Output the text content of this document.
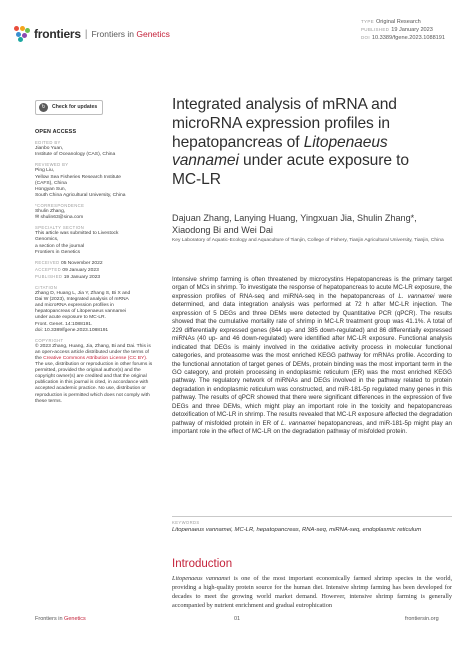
frontiers | Frontiers in Genetics
TYPE Original Research
PUBLISHED 19 January 2023
DOI 10.3389/fgene.2023.1088191
↻	Check for updates
OPEN ACCESS
EDITED BY
Jianbo Yuan,
Institute of Oceanology (CAS), China
REVIEWED BY
Ping Liu,
Yellow Sea Fisheries Research Institute
(CAFS), China
Hongyan Sun,
South China Agricultural University, China
*CORRESPONDENCE
Shulin Zhang,
✉ shulin63@sina.com
SPECIALTY SECTION
This article was submitted to Livestock
Genomics,
a section of the journal
Frontiers in Genetics
RECEIVED 05 November 2022
ACCEPTED 09 January 2023
PUBLISHED 19 January 2023
CITATION
Zhang D, Huang L, Jia Y, Zhang S, Bi X and
Dai W (2023), Integrated analysis of mRNA
and microRNA expression profiles in
hepatopancreas of Litopenaeus vannamei
under acute exposure to MC-LR.
Front. Genet. 14:1088191.
doi: 10.3389/fgene.2023.1088191
COPYRIGHT
© 2023 Zhang, Huang, Jia, Zhang, Bi and Dai. This is an open-access article distributed under the terms of the Creative Commons Attribution License (CC BY). The use, distribution or reproduction in other forums is permitted, provided the original author(s) and the copyright owner(s) are credited and that the original publication in this journal is cited, in accordance with accepted academic practice. No use, distribution or reproduction is permitted which does not comply with these terms.
Integrated analysis of mRNA and
microRNA expression profiles in
hepatopancreas of Litopenaeus
vannamei under acute exposure to
MC-LR
Dajuan Zhang, Lanying Huang, Yingxuan Jia, Shulin Zhang*,
Xiaodong Bi and Wei Dai
Key Laboratory of Aquatic-Ecology and Aquaculture of Tianjin, College of Fishery, Tianjin Agricultural University, Tianjin, China
Intensive shrimp farming is often threatened by microcystins Hepatopancreas is the primary target organ of MCs in shrimp. To investigate the response of hepatopancreas to acute MC-LR exposure, the expression profiles of RNA-seq and miRNA-seq in the hepatopancreas of L. vannamei were determined, and data integration analysis was performed at 72 h after MC-LR injection. The expression of 5 DEGs and three DEMs were detected by Quantitative PCR (qPCR). The results showed that the cumulative mortality rate of shrimp in MC-LR treatment group was 41.1%. A total of 229 differentially expressed genes (844 up- and 385 down-regulated) and 86 differentially expressed miRNAs (40 up- and 46 down-regulated) were identified after MC-LR exposure. Functional analysis indicated that DEGs is mainly involved in the oxidative activity process in molecular functional categories, and proteasome was the most enriched KEGG pathway for mRNAs profile. According to the functional annotation of target genes of DEMs, protein binding was the most important term in the GO category, and protein processing in endoplasmic reticulum (ER) was the most enriched KEGG pathway. The regulatory network of miRNAs and DEGs involved in the pathway related to protein degradation in endoplasmic reticulum was constructed, and miR-181-5p regulated many genes in this pathway. The results of qPCR showed that there were significant differences in the expression of five DEGs and three DEMs, which might play an important role in the toxicity and hepatopancreas detoxification of MC-LR in shrimp. The results revealed that MC-LR exposure affected the degradation pathway of misfolded protein in ER of L. vannamei hepatopancreas, and miR-181-5p might play an important role in the effect of MC-LR on the degradation pathway of misfolded protein.
KEYWORDS
Litopenaeus vannamei, MC-LR, hepatopancreas, RNA-seq, miRNA-seq, endoplasmic reticulum
Introduction
Litopenaeus vannamei is one of the most important economically farmed shrimp species in the world, providing a high-quality protein source for the human diet. Intensive shrimp farming has been developed for decades to meet the growing world market demand. However, intensive shrimp farming is generally accompanied by nutrient enrichment and gradual eutrophication
Frontiers in Genetics	01	frontiersin.org
